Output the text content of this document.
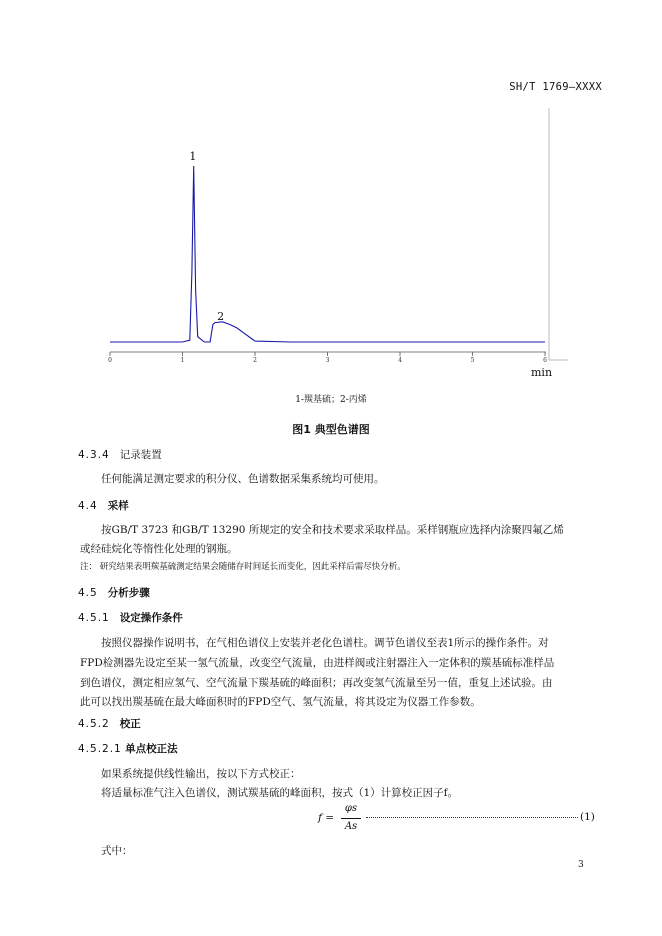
SH/T 1769—XXXX
0	1	2	3	4	5	6
1
2
min
1-羰基硫；2-丙烯
图1 典型色谱图
4.3.4 记录装置
任何能满足测定要求的积分仪、色谱数据采集系统均可使用。
4.4 采样
按GB/T 3723 和GB/T 13290 所规定的安全和技术要求采取样品。采样钢瓶应选择内涂聚四氟乙烯
或经硅烷化等惰性化处理的钢瓶。
注： 研究结果表明羰基硫测定结果会随储存时间延长而变化，因此采样后需尽快分析。
4.5 分析步骤
4.5.1 设定操作条件
按照仪器操作说明书，在气相色谱仪上安装并老化色谱柱。调节色谱仪至表1所示的操作条件。对
FPD检测器先设定至某一氢气流量，改变空气流量，由进样阀或注射器注入一定体积的羰基硫标准样品
到色谱仪，测定相应氢气、空气流量下羰基硫的峰面积；再改变氢气流量至另一值，重复上述试验。由
此可以找出羰基硫在最大峰面积时的FPD空气、氢气流量，将其设定为仪器工作参数。
4.5.2 校正
4.5.2.1 单点校正法
如果系统提供线性输出，按以下方式校正：
将适量标准气注入色谱仪，测试羰基硫的峰面积，按式（1）计算校正因子f。
f =
φs
As
(1)
式中：
3
